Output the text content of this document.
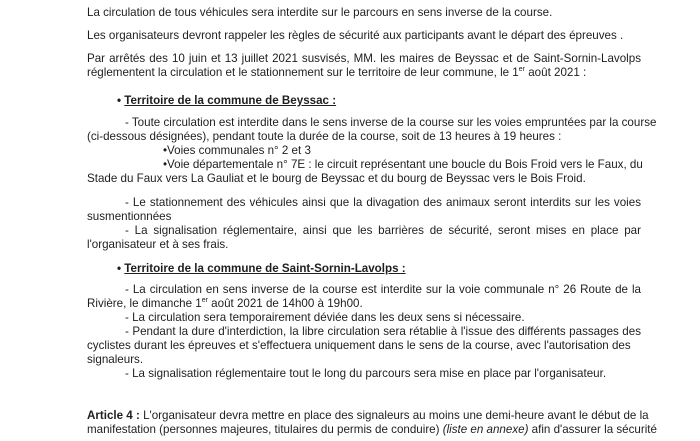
La circulation de tous véhicules sera interdite sur le parcours en sens inverse de la course.
Les organisateurs devront rappeler les règles de sécurité aux participants avant le départ des épreuves .
Par arrêtés des 10 juin et 13 juillet 2021 susvisés, MM. les maires de Beyssac et de Saint-Sornin-Lavolps
réglementent la circulation et le stationnement sur le territoire de leur commune, le 1er août 2021 :
• Territoire de la commune de Beyssac :
- Toute circulation est interdite dans le sens inverse de la course sur les voies empruntées par la course
(ci-dessous désignées), pendant toute la durée de la course, soit de 13 heures à 19 heures :
•Voies communales n° 2 et 3
•Voie départementale n° 7E : le circuit représentant une boucle du Bois Froid vers le Faux, du
Stade du Faux vers La Gauliat et le bourg de Beyssac et du bourg de Beyssac vers le Bois Froid.
- Le stationnement des véhicules ainsi que la divagation des animaux seront interdits sur les voies
susmentionnées
- La signalisation réglementaire, ainsi que les barrières de sécurité, seront mises en place par
l'organisateur et à ses frais.
• Territoire de la commune de Saint-Sornin-Lavolps :
- La circulation en sens inverse de la course est interdite sur la voie communale n° 26 Route de la
Rivière, le dimanche 1er août 2021 de 14h00 à 19h00.
- La circulation sera temporairement déviée dans les deux sens si nécessaire.
- Pendant la dure d'interdiction, la libre circulation sera rétablie à l'issue des différents passages des
cyclistes durant les épreuves et s'effectuera uniquement dans le sens de la course, avec l'autorisation des
signaleurs.
- La signalisation réglementaire tout le long du parcours sera mise en place par l'organisateur.
Article 4 : L'organisateur devra mettre en place des signaleurs au moins une demi-heure avant le début de la
manifestation (personnes majeures, titulaires du permis de conduire) (liste en annexe) afin d'assurer la sécurité
